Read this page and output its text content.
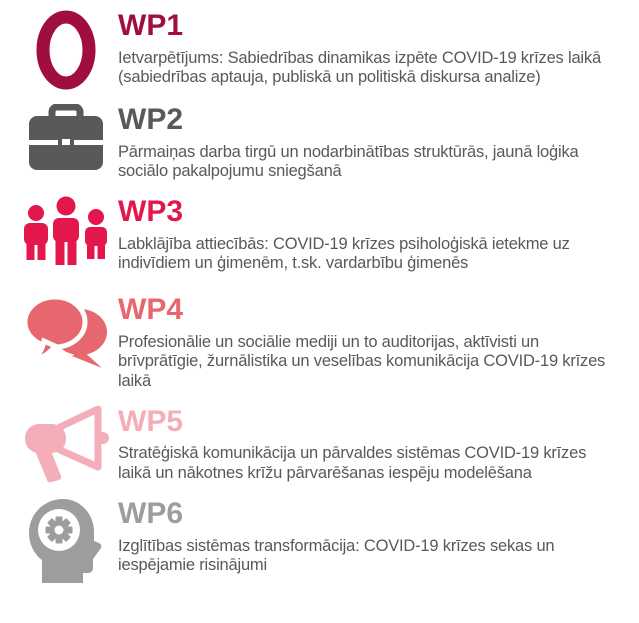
WP1

Ietvarpētījums: Sabiedrības dinamikas izpēte COVID-19 krīzes laikā (sabiedrības aptauja, publiskā un politiskā diskursa analize)

WP2

Pārmaiņas darba tirgū un nodarbinātības struktūrās, jaunā loģika sociālo pakalpojumu sniegšanā

WP3

Labklājība attiecībās: COVID-19 krīzes psiholoģiskā ietekme uz indivīdiem un ģimenēm, t.sk. vardarbību ģimenēs

WP4

Profesionālie un sociālie mediji un to auditorijas, aktīvisti un brīvprātīgie, žurnālistika un veselības komunikācija COVID-19 krīzes laikā

WP5

Stratēģiskā komunikācija un pārvaldes sistēmas COVID-19 krīzes laikā un nākotnes krīžu pārvarēšanas iespēju modelēšana

WP6

Izglītības sistēmas transformācija: COVID-19 krīzes sekas un iespējamie risinājumi
